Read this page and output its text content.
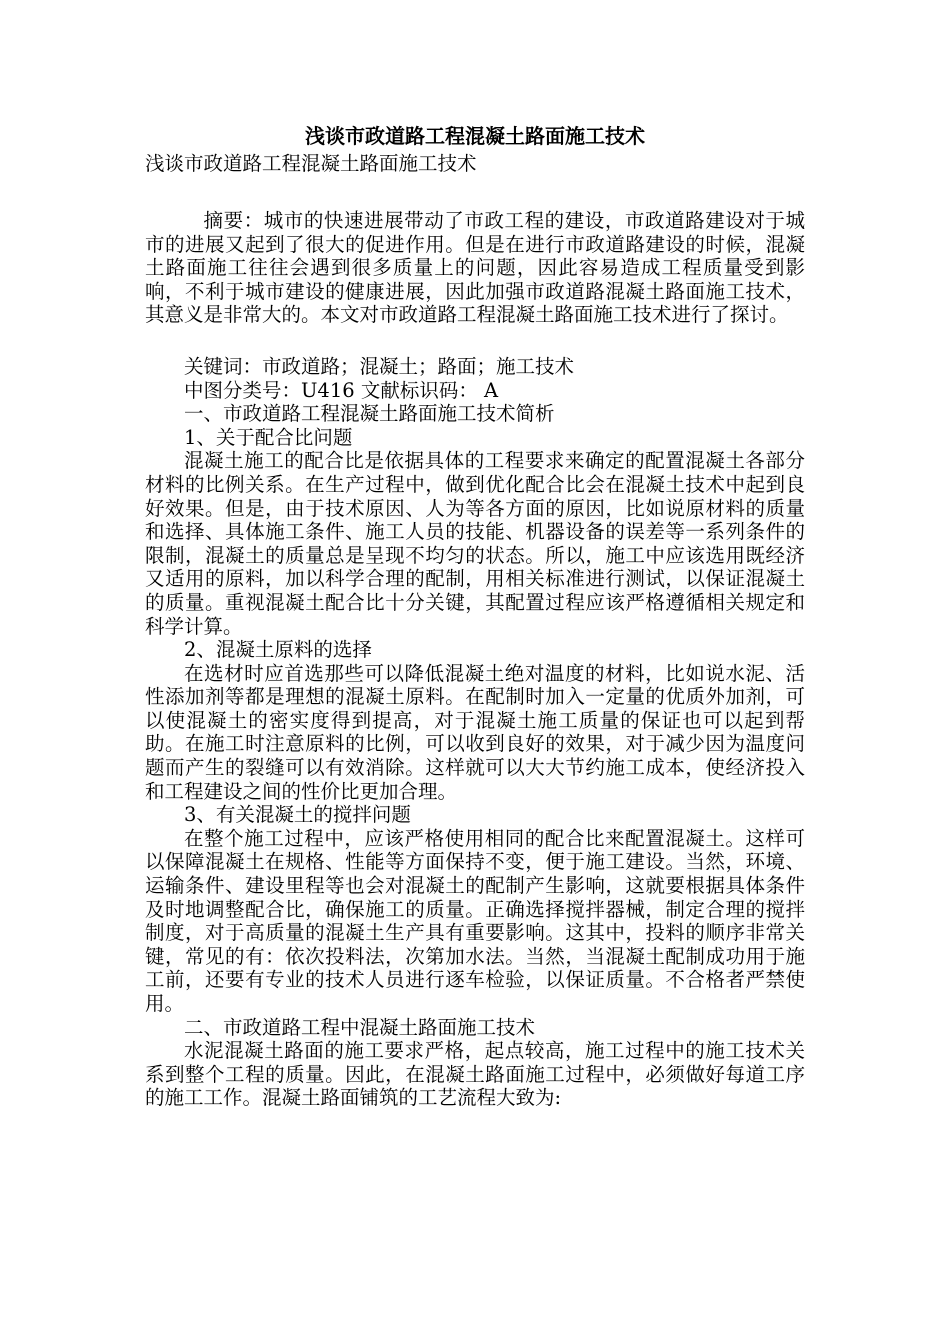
浅谈市政道路工程混凝土路面施工技术

浅谈市政道路工程混凝土路面施工技术

摘要：城市的快速进展带动了市政工程的建设，市政道路建设对于城市的进展又起到了很大的促进作用。但是在进行市政道路建设的时候，混凝土路面施工往往会遇到很多质量上的问题，因此容易造成工程质量受到影响，不利于城市建设的健康进展，因此加强市政道路混凝土路面施工技术，其意义是非常大的。本文对市政道路工程混凝土路面施工技术进行了探讨。

关键词：市政道路；混凝土；路面；施工技术

中图分类号：U416 文献标识码： A

一、市政道路工程混凝土路面施工技术简析

1、关于配合比问题

混凝土施工的配合比是依据具体的工程要求来确定的配置混凝土各部分材料的比例关系。在生产过程中，做到优化配合比会在混凝土技术中起到良好效果。但是，由于技术原因、人为等各方面的原因，比如说原材料的质量和选择、具体施工条件、施工人员的技能、机器设备的误差等一系列条件的限制，混凝土的质量总是呈现不均匀的状态。所以，施工中应该选用既经济又适用的原料，加以科学合理的配制，用相关标准进行测试，以保证混凝土的质量。重视混凝土配合比十分关键，其配置过程应该严格遵循相关规定和科学计算。

2、混凝土原料的选择

在选材时应首选那些可以降低混凝土绝对温度的材料，比如说水泥、活性添加剂等都是理想的混凝土原料。在配制时加入一定量的优质外加剂，可以使混凝土的密实度得到提高，对于混凝土施工质量的保证也可以起到帮助。在施工时注意原料的比例，可以收到良好的效果，对于减少因为温度问题而产生的裂缝可以有效消除。这样就可以大大节约施工成本，使经济投入和工程建设之间的性价比更加合理。

3、有关混凝土的搅拌问题

在整个施工过程中，应该严格使用相同的配合比来配置混凝土。这样可以保障混凝土在规格、性能等方面保持不变，便于施工建设。当然，环境、运输条件、建设里程等也会对混凝土的配制产生影响，这就要根据具体条件及时地调整配合比，确保施工的质量。正确选择搅拌器械，制定合理的搅拌制度，对于高质量的混凝土生产具有重要影响。这其中，投料的顺序非常关键，常见的有：依次投料法，次第加水法。当然，当混凝土配制成功用于施工前，还要有专业的技术人员进行逐车检验，以保证质量。不合格者严禁使用。

二、市政道路工程中混凝土路面施工技术

水泥混凝土路面的施工要求严格，起点较高，施工过程中的施工技术关系到整个工程的质量。因此，在混凝土路面施工过程中，必须做好每道工序的施工工作。混凝土路面铺筑的工艺流程大致为:
